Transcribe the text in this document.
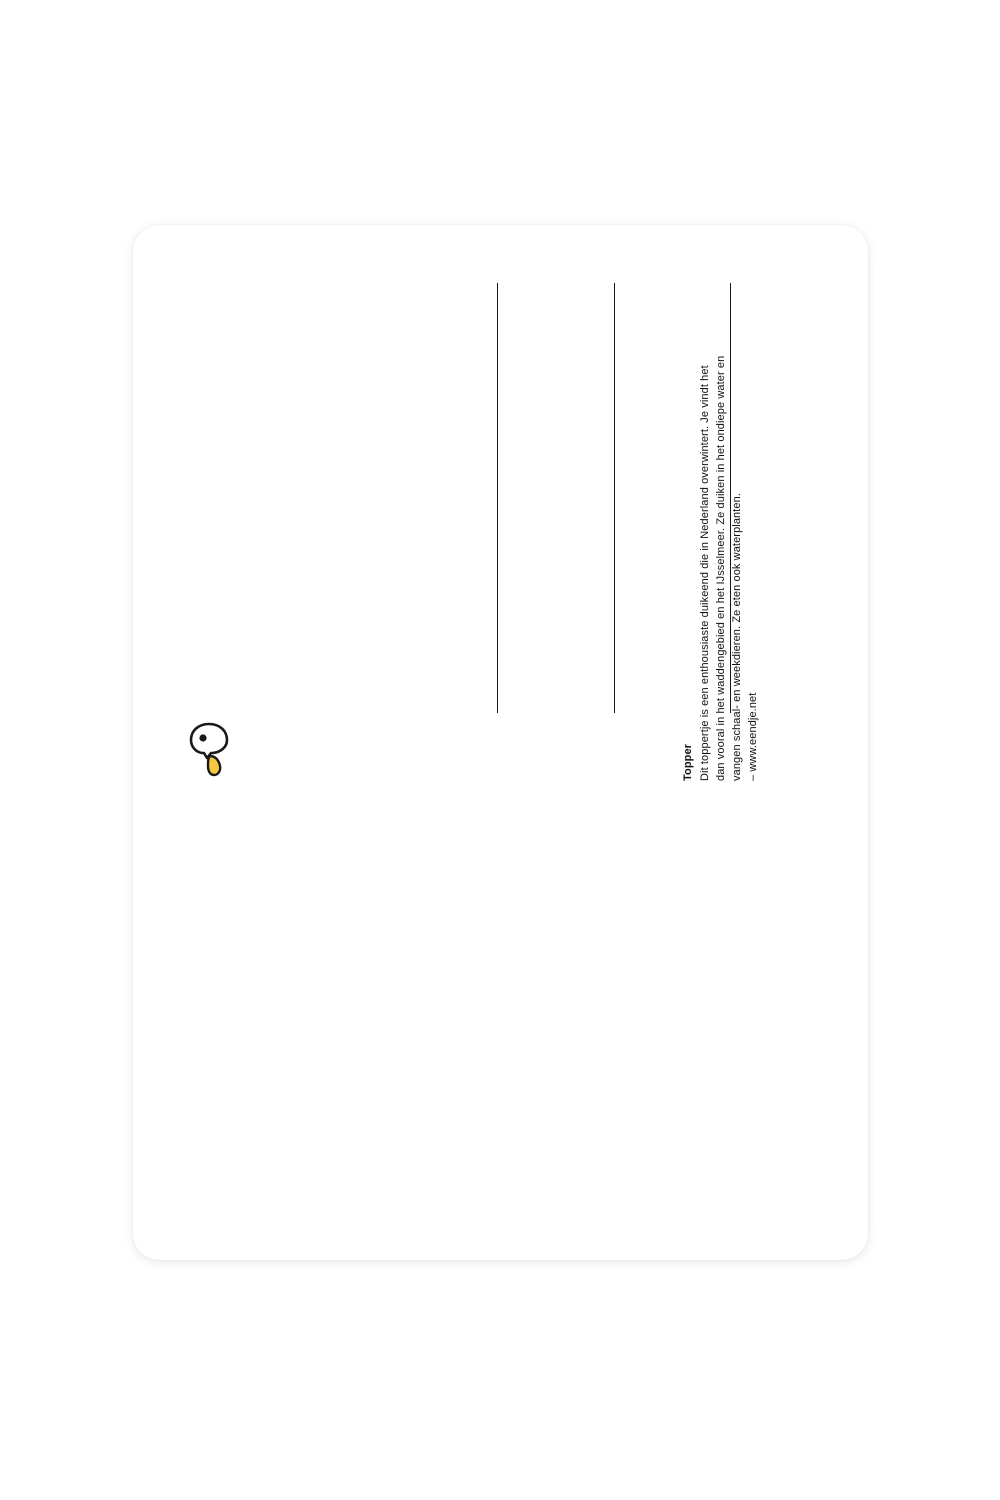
Topper Dit toppertje is een enthousiaste duikeend die in Nederland overwintert. Je vindt het dan vooral in het waddengebied en het IJsselmeer. Ze duiken in het ondiepe water en vangen schaal- en weekdieren. Ze eten ook waterplanten. – www.eendje.net
